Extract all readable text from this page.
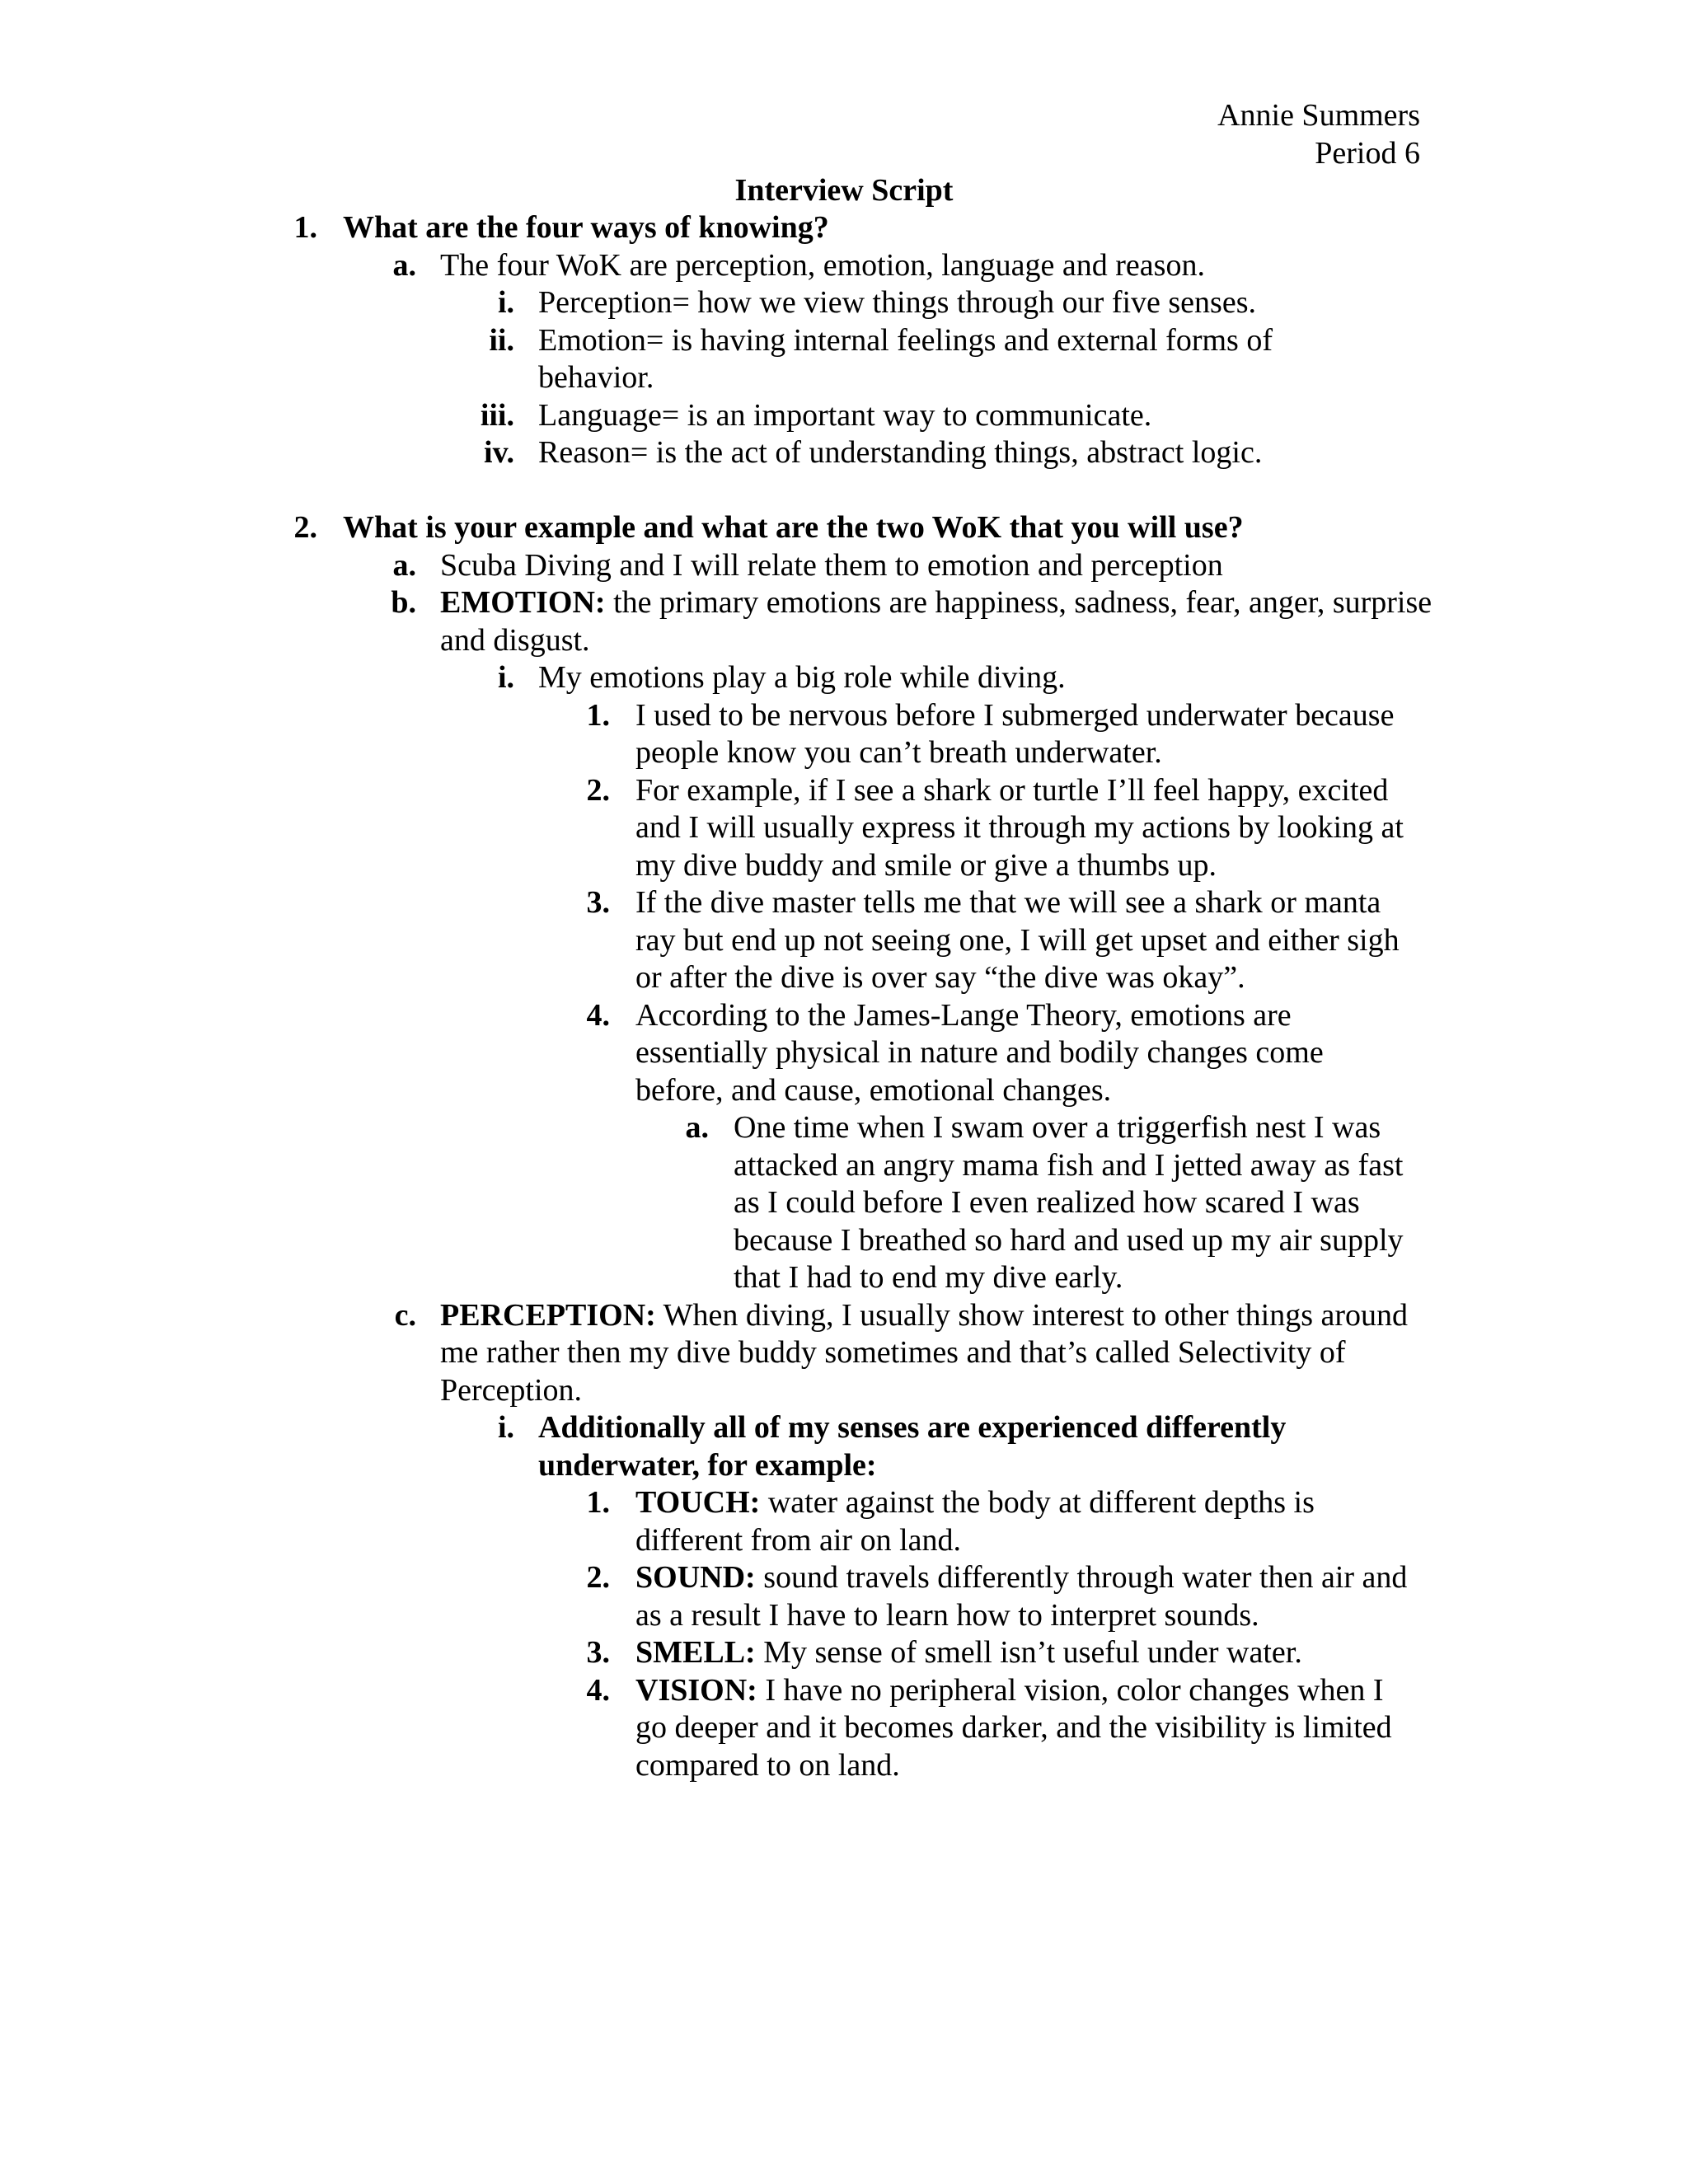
Annie Summers
Period 6
Interview Script
1. What are the four ways of knowing?
a. The four WoK are perception, emotion, language and reason.
i. Perception= how we view things through our five senses.
ii. Emotion= is having internal feelings and external forms of behavior.
iii. Language= is an important way to communicate.
iv. Reason= is the act of understanding things, abstract logic.
2. What is your example and what are the two WoK that you will use?
a. Scuba Diving and I will relate them to emotion and perception
b. EMOTION: the primary emotions are happiness, sadness, fear, anger, surprise and disgust.
i. My emotions play a big role while diving.
1. I used to be nervous before I submerged underwater because people know you can’t breath underwater.
2. For example, if I see a shark or turtle I’ll feel happy, excited and I will usually express it through my actions by looking at my dive buddy and smile or give a thumbs up.
3. If the dive master tells me that we will see a shark or manta ray but end up not seeing one, I will get upset and either sigh or after the dive is over say “the dive was okay”.
4. According to the James-Lange Theory, emotions are essentially physical in nature and bodily changes come before, and cause, emotional changes.
a. One time when I swam over a triggerfish nest I was attacked an angry mama fish and I jetted away as fast as I could before I even realized how scared I was because I breathed so hard and used up my air supply that I had to end my dive early.
c. PERCEPTION: When diving, I usually show interest to other things around me rather then my dive buddy sometimes and that’s called Selectivity of Perception.
i. Additionally all of my senses are experienced differently underwater, for example:
1. TOUCH: water against the body at different depths is different from air on land.
2. SOUND: sound travels differently through water then air and as a result I have to learn how to interpret sounds.
3. SMELL: My sense of smell isn’t useful under water.
4. VISION: I have no peripheral vision, color changes when I go deeper and it becomes darker, and the visibility is limited compared to on land.
